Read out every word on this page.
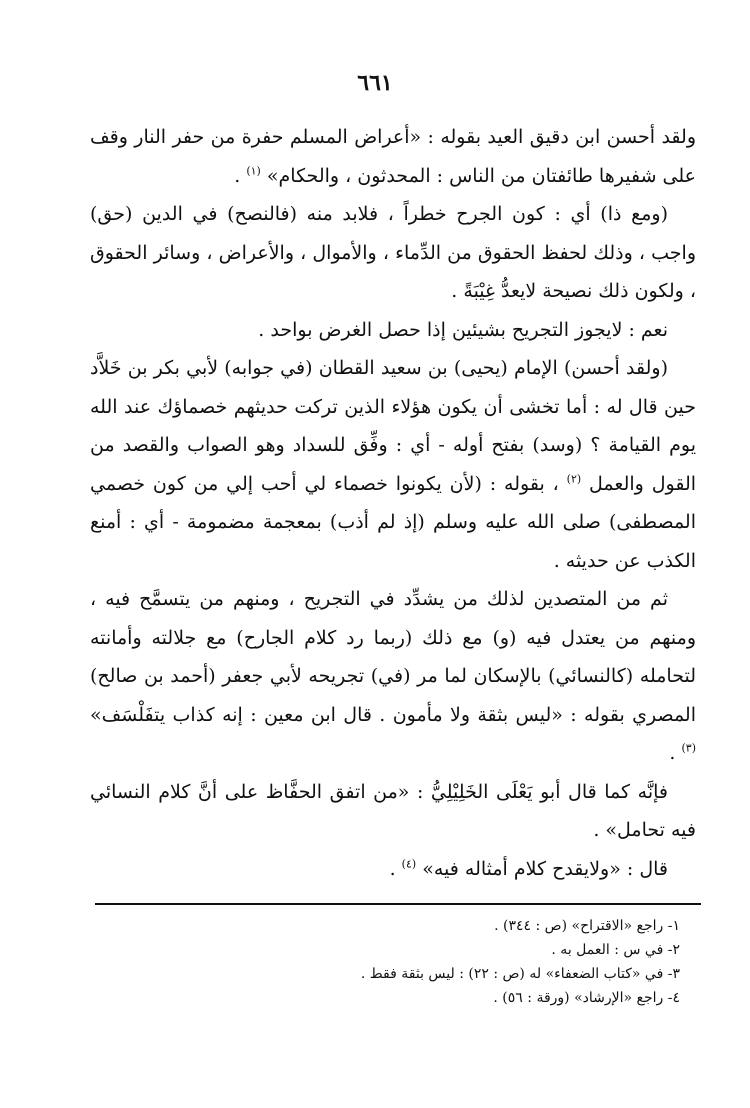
٦٦١

ولقد أحسن ابن دقيق العيد بقوله : «أعراض المسلم حفرة من حفر النار وقف على شفيرها طائفتان من الناس : المحدثون ، والحكام» $^{(١)}$ .

(ومع ذا) أي : كون الجرح خطراً ، فلابد منه (فالنصح) في الدين (حق) واجب ، وذلك لحفظ الحقوق من الدِّماء ، والأموال ، والأعراض ، وسائر الحقوق ، ولكون ذلك نصيحة لايعدُّ غِيْبَةً .

نعم : لايجوز التجريح بشيئين إذا حصل الغرض بواحد .

(ولقد أحسن) الإمام (يحيى) بن سعيد القطان (في جوابه) لأبي بكر بن خَلاَّد حين قال له : أما تخشى أن يكون هؤلاء الذين تركت حديثهم خصماؤك عند الله يوم القيامة ؟ (وسد) بفتح أوله - أي : وفِّق للسداد وهو الصواب والقصد من القول والعمل $^{(٢)}$ ، بقوله : (لأن يكونوا خصماء لي أحب إلي من كون خصمي المصطفى) صلى الله عليه وسلم (إذ لم أذب) بمعجمة مضمومة - أي : أمنع الكذب عن حديثه .

ثم من المتصدين لذلك من يشدِّد في التجريح ، ومنهم من يتسمَّح فيه ، ومنهم من يعتدل فيه (و) مع ذلك (ربما رد كلام الجارح) مع جلالته وأمانته لتحامله (كالنسائي) بالإسكان لما مر (في) تجريحه لأبي جعفر (أحمد بن صالح) المصري بقوله : «ليس بثقة ولا مأمون . قال ابن معين : إنه كذاب يتفَلْسَف» $^{(٣)}$ .

فإنَّه كما قال أبو يَعْلَى الخَلِيْلِيُّ : «من اتفق الحفَّاظ على أنَّ كلام النسائي فيه تحامل» .

قال : «ولايقدح كلام أمثاله فيه» $^{(٤)}$ .

١- راجع «الاقتراح» (ص : ٣٤٤) .
٢- في س : العمل به .
٣- في «كتاب الضعفاء» له (ص : ٢٢) : ليس بثقة فقط .
٤- راجع «الإرشاد» (ورقة : ٥٦) .
